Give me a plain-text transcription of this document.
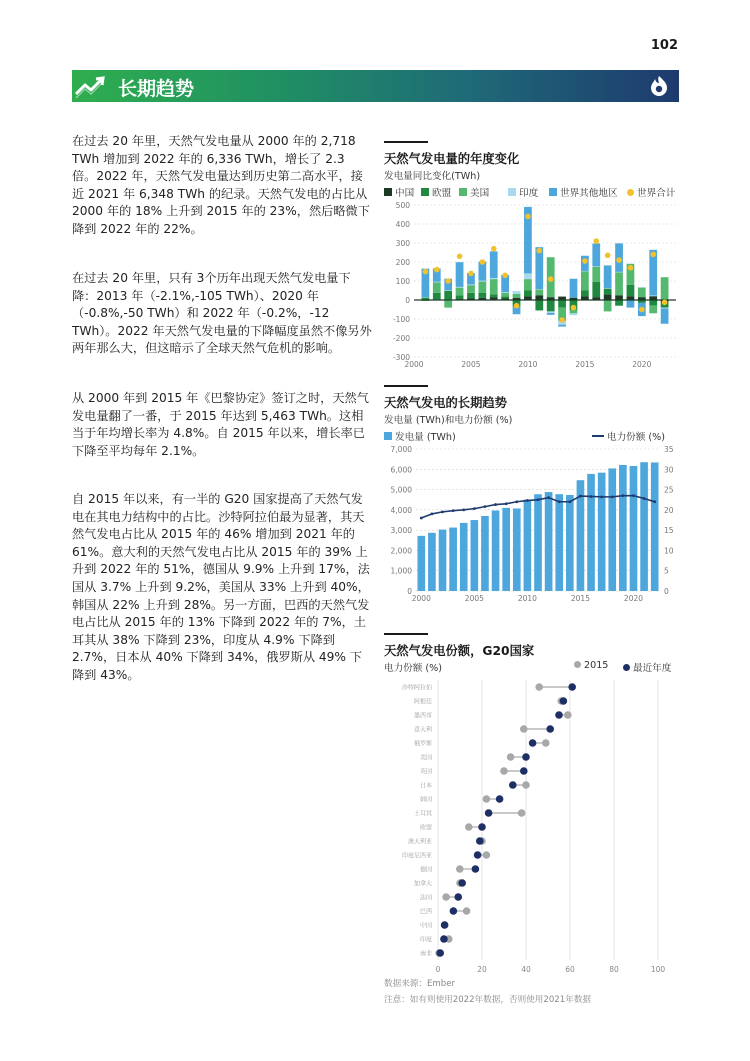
102
长期趋势

在过去 20 年里，天然气发电量从 2000 年的 2,718 TWh 增加到 2022 年的 6,336 TWh，增长了 2.3 倍。2022 年，天然气发电量达到历史第二高水平，接近 2021 年 6,348 TWh 的纪录。天然气发电的占比从 2000 年的 18% 上升到 2015 年的 23%，然后略微下降到 2022 年的 22%。

在过去 20 年里，只有 3个历年出现天然气发电量下降：2013 年（-2.1%,-105 TWh）、2020 年（-0.8%,-50 TWh）和 2022 年（-0.2%，-12 TWh）。2022 年天然气发电量的下降幅度虽然不像另外两年那么大，但这暗示了全球天然气危机的影响。

从 2000 年到 2015 年《巴黎协定》签订之时，天然气发电量翻了一番，于 2015 年达到 5,463 TWh。这相当于年均增长率为 4.8%。自 2015 年以来，增长率已下降至平均每年 2.1%。

自 2015 年以来，有一半的 G20 国家提高了天然气发电在其电力结构中的占比。沙特阿拉伯最为显著，其天然气发电占比从 2015 年的 46% 增加到 2021 年的 61%。意大利的天然气发电占比从 2015 年的 39% 上升到 2022 年的 51%，德国从 9.9% 上升到 17%，法国从 3.7% 上升到 9.2%，美国从 33% 上升到 40%，韩国从 22% 上升到 28%。另一方面，巴西的天然气发电占比从 2015 年的 13% 下降到 2022 年的 7%，土耳其从 38% 下降到 23%，印度从 4.9% 下降到 2.7%，日本从 40% 下降到 34%，俄罗斯从 49% 下降到 43%。

天然气发电量的年度变化
发电量同比变化(TWh)
中国	欧盟	美国	印度	世界其他地区	世界合计
500
400
300
200
100
0
-100
-200
-300
2000	2005	2010	2015	2020
天然气发电的长期趋势
发电量 (TWh)和电力份额 (%)
发电量 (TWh)	电力份额 (%)
7,000
6,000
5,000
4,000
3,000
2,000
1,000
0
35
30
25
20
15
10
5
0
2000	2005	2010	2015	2020
天然气发电份额，G20国家
电力份额 (%)	2015	最近年度
0	20	40	60	80	100
沙特阿拉伯
阿根廷
墨西哥
意大利
俄罗斯
美国
英国
日本
韩国
土耳其
欧盟
澳大利亚
印度尼西亚
德国
加拿大
法国
巴西
中国
印度
南非
数据来源：Ember
注意：如有则使用2022年数据，否则使用2021年数据
